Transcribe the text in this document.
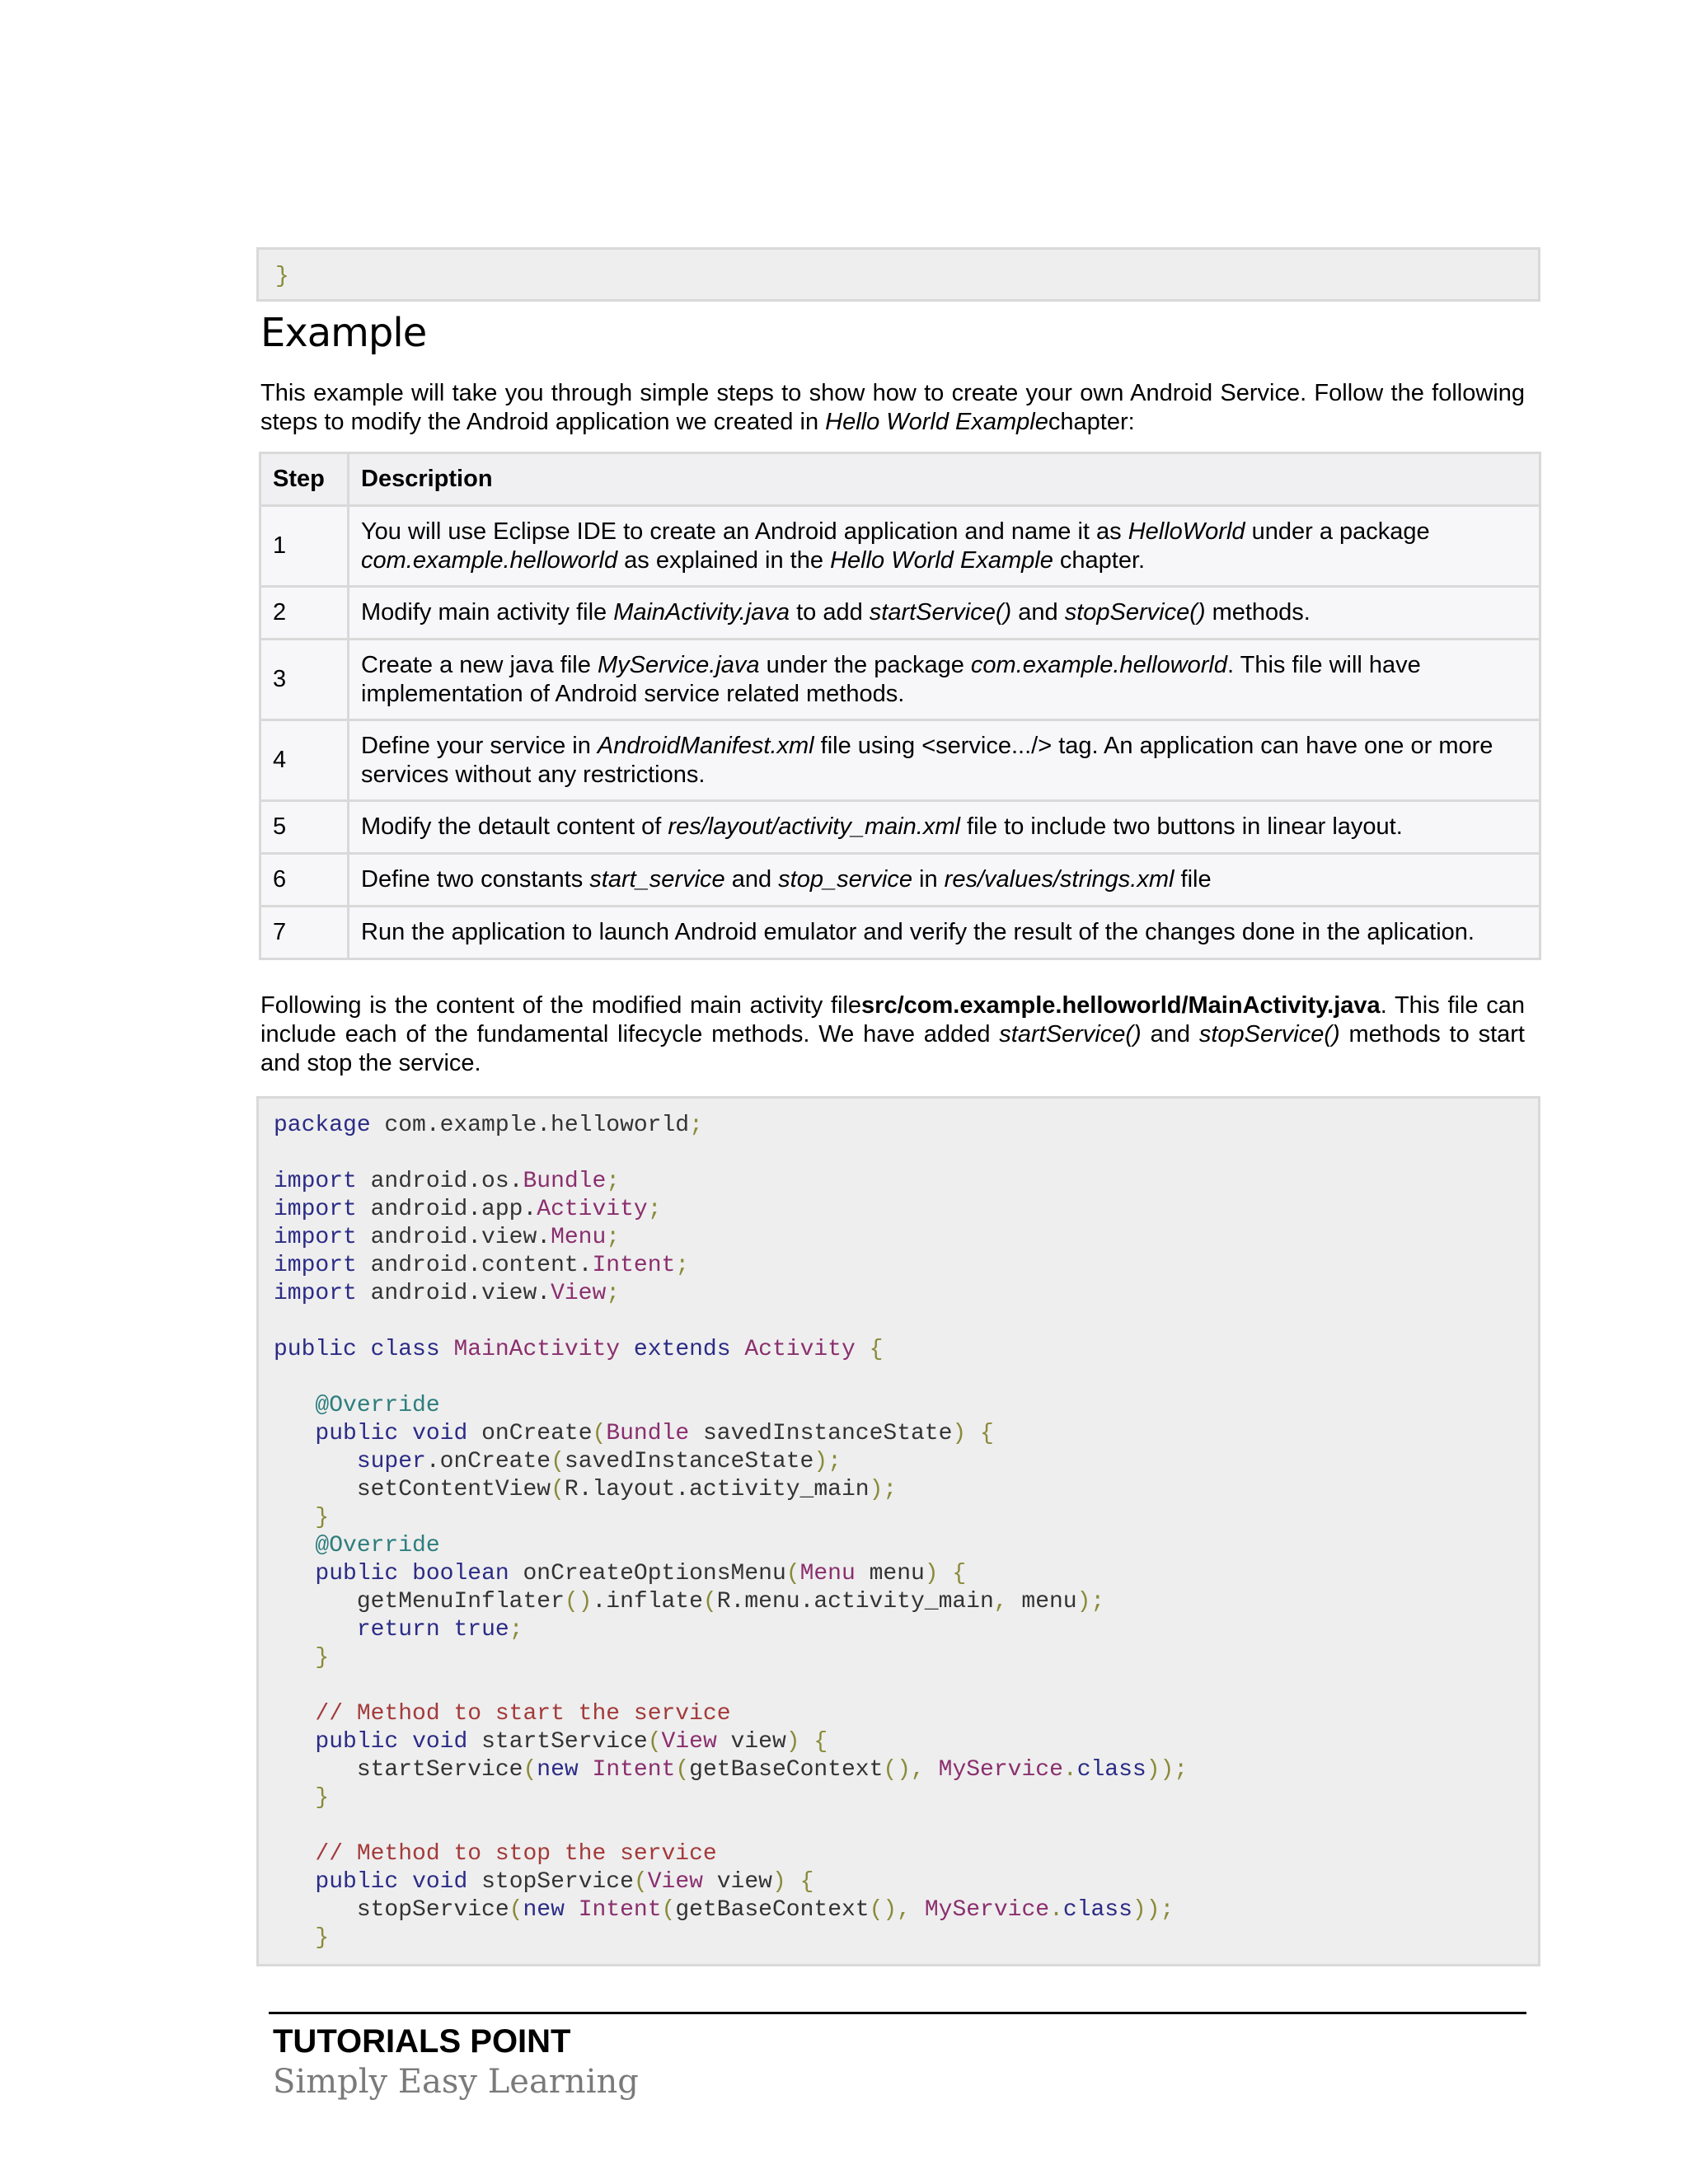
}
Example

This example will take you through simple steps to show how to create your own Android Service. Follow the following steps to modify the Android application we created in Hello World Examplechapter:

Step	Description
1	You will use Eclipse IDE to create an Android application and name it as HelloWorld under a package com.example.helloworld as explained in the Hello World Example chapter.
2	Modify main activity file MainActivity.java to add startService() and stopService() methods.
3	Create a new java file MyService.java under the package com.example.helloworld. This file will have implementation of Android service related methods.
4	Define your service in AndroidManifest.xml file using <service.../> tag. An application can have one or more services without any restrictions.
5	Modify the detault content of res/layout/activity_main.xml file to include two buttons in linear layout.
6	Define two constants start_service and stop_service in res/values/strings.xml file
7	Run the application to launch Android emulator and verify the result of the changes done in the aplication.

Following is the content of the modified main activity filesrc/com.example.helloworld/MainActivity.java. This file can include each of the fundamental lifecycle methods. We have added startService() and stopService() methods to start and stop the service.

package com.example.helloworld;

import android.os.Bundle;
import android.app.Activity;
import android.view.Menu;
import android.content.Intent;
import android.view.View;

public class MainActivity extends Activity {

@Override
public void onCreate(Bundle savedInstanceState) {
super.onCreate(savedInstanceState);
setContentView(R.layout.activity_main);
}
@Override
public boolean onCreateOptionsMenu(Menu menu) {
getMenuInflater().inflate(R.menu.activity_main, menu);
return true;
}

// Method to start the service
public void startService(View view) {
startService(new Intent(getBaseContext(), MyService.class));
}

// Method to stop the service
public void stopService(View view) {
stopService(new Intent(getBaseContext(), MyService.class));
}

TUTORIALS POINT

Simply Easy Learning
